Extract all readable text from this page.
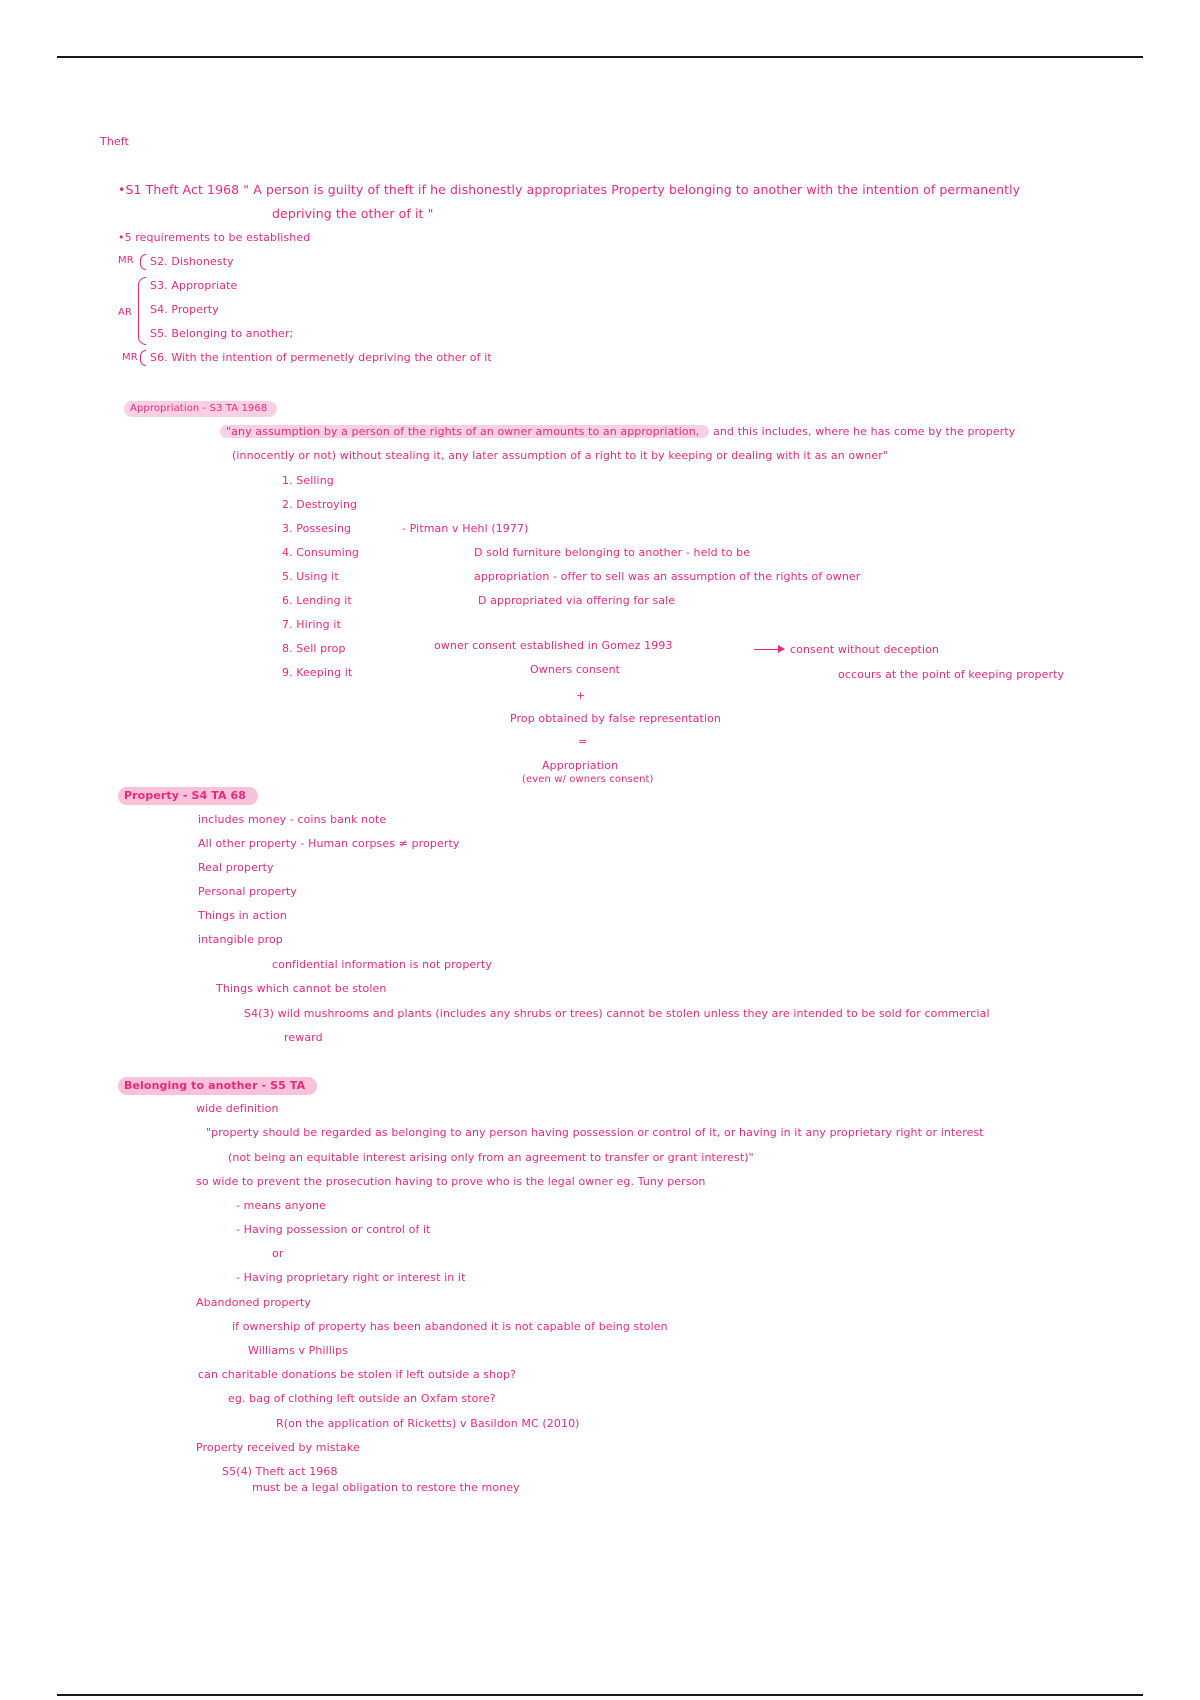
Theft
•S1 Theft Act 1968 " A person is guilty of theft if he dishonestly appropriates Property belonging to another with the intention of permanently
depriving the other of it "
•5 requirements to be established
MR
AR
MR
S2. Dishonesty
S3. Appropriate
S4. Property
S5. Belonging to another;
S6. With the intention of permenetly depriving the other of it
Appropriation - S3 TA 1968
"any assumption by a person of the rights of an owner amounts to an appropriation, and this includes, where he has come by the property
(innocently or not) without stealing it, any later assumption of a right to it by keeping or dealing with it as an owner"
1. Selling
2. Destroying
3. Possesing
4. Consuming
5. Using it
6. Lending it
7. Hiring it
8. Sell prop
9. Keeping it
- Pitman v Hehl (1977)
D sold furniture belonging to another - held to be
appropriation - offer to sell was an assumption of the rights of owner
D appropriated via offering for sale
owner consent established in Gomez 1993	consent without deception
occours at the point of keeping property
Owners consent
+
Prop obtained by false representation
=
Appropriation
(even w/ owners consent)
Property - S4 TA 68
includes money - coins bank note
All other property - Human corpses ≠ property
Real property
Personal property
Things in action
intangible prop
confidential information is not property
Things which cannot be stolen
S4(3) wild mushrooms and plants (includes any shrubs or trees) cannot be stolen unless they are intended to be sold for commercial
reward
Belonging to another - S5 TA
wide definition
"property should be regarded as belonging to any person having possession or control of it, or having in it any proprietary right or interest
(not being an equitable interest arising only from an agreement to transfer or grant interest)"
so wide to prevent the prosecution having to prove who is the legal owner eg. Tuny person
- means anyone
- Having possession or control of it
or
- Having proprietary right or interest in it
Abandoned property
if ownership of property has been abandoned it is not capable of being stolen
Williams v Phillips
can charitable donations be stolen if left outside a shop?
eg. bag of clothing left outside an Oxfam store?
R(on the application of Ricketts) v Basildon MC (2010)
Property received by mistake
S5(4) Theft act 1968
must be a legal obligation to restore the money
